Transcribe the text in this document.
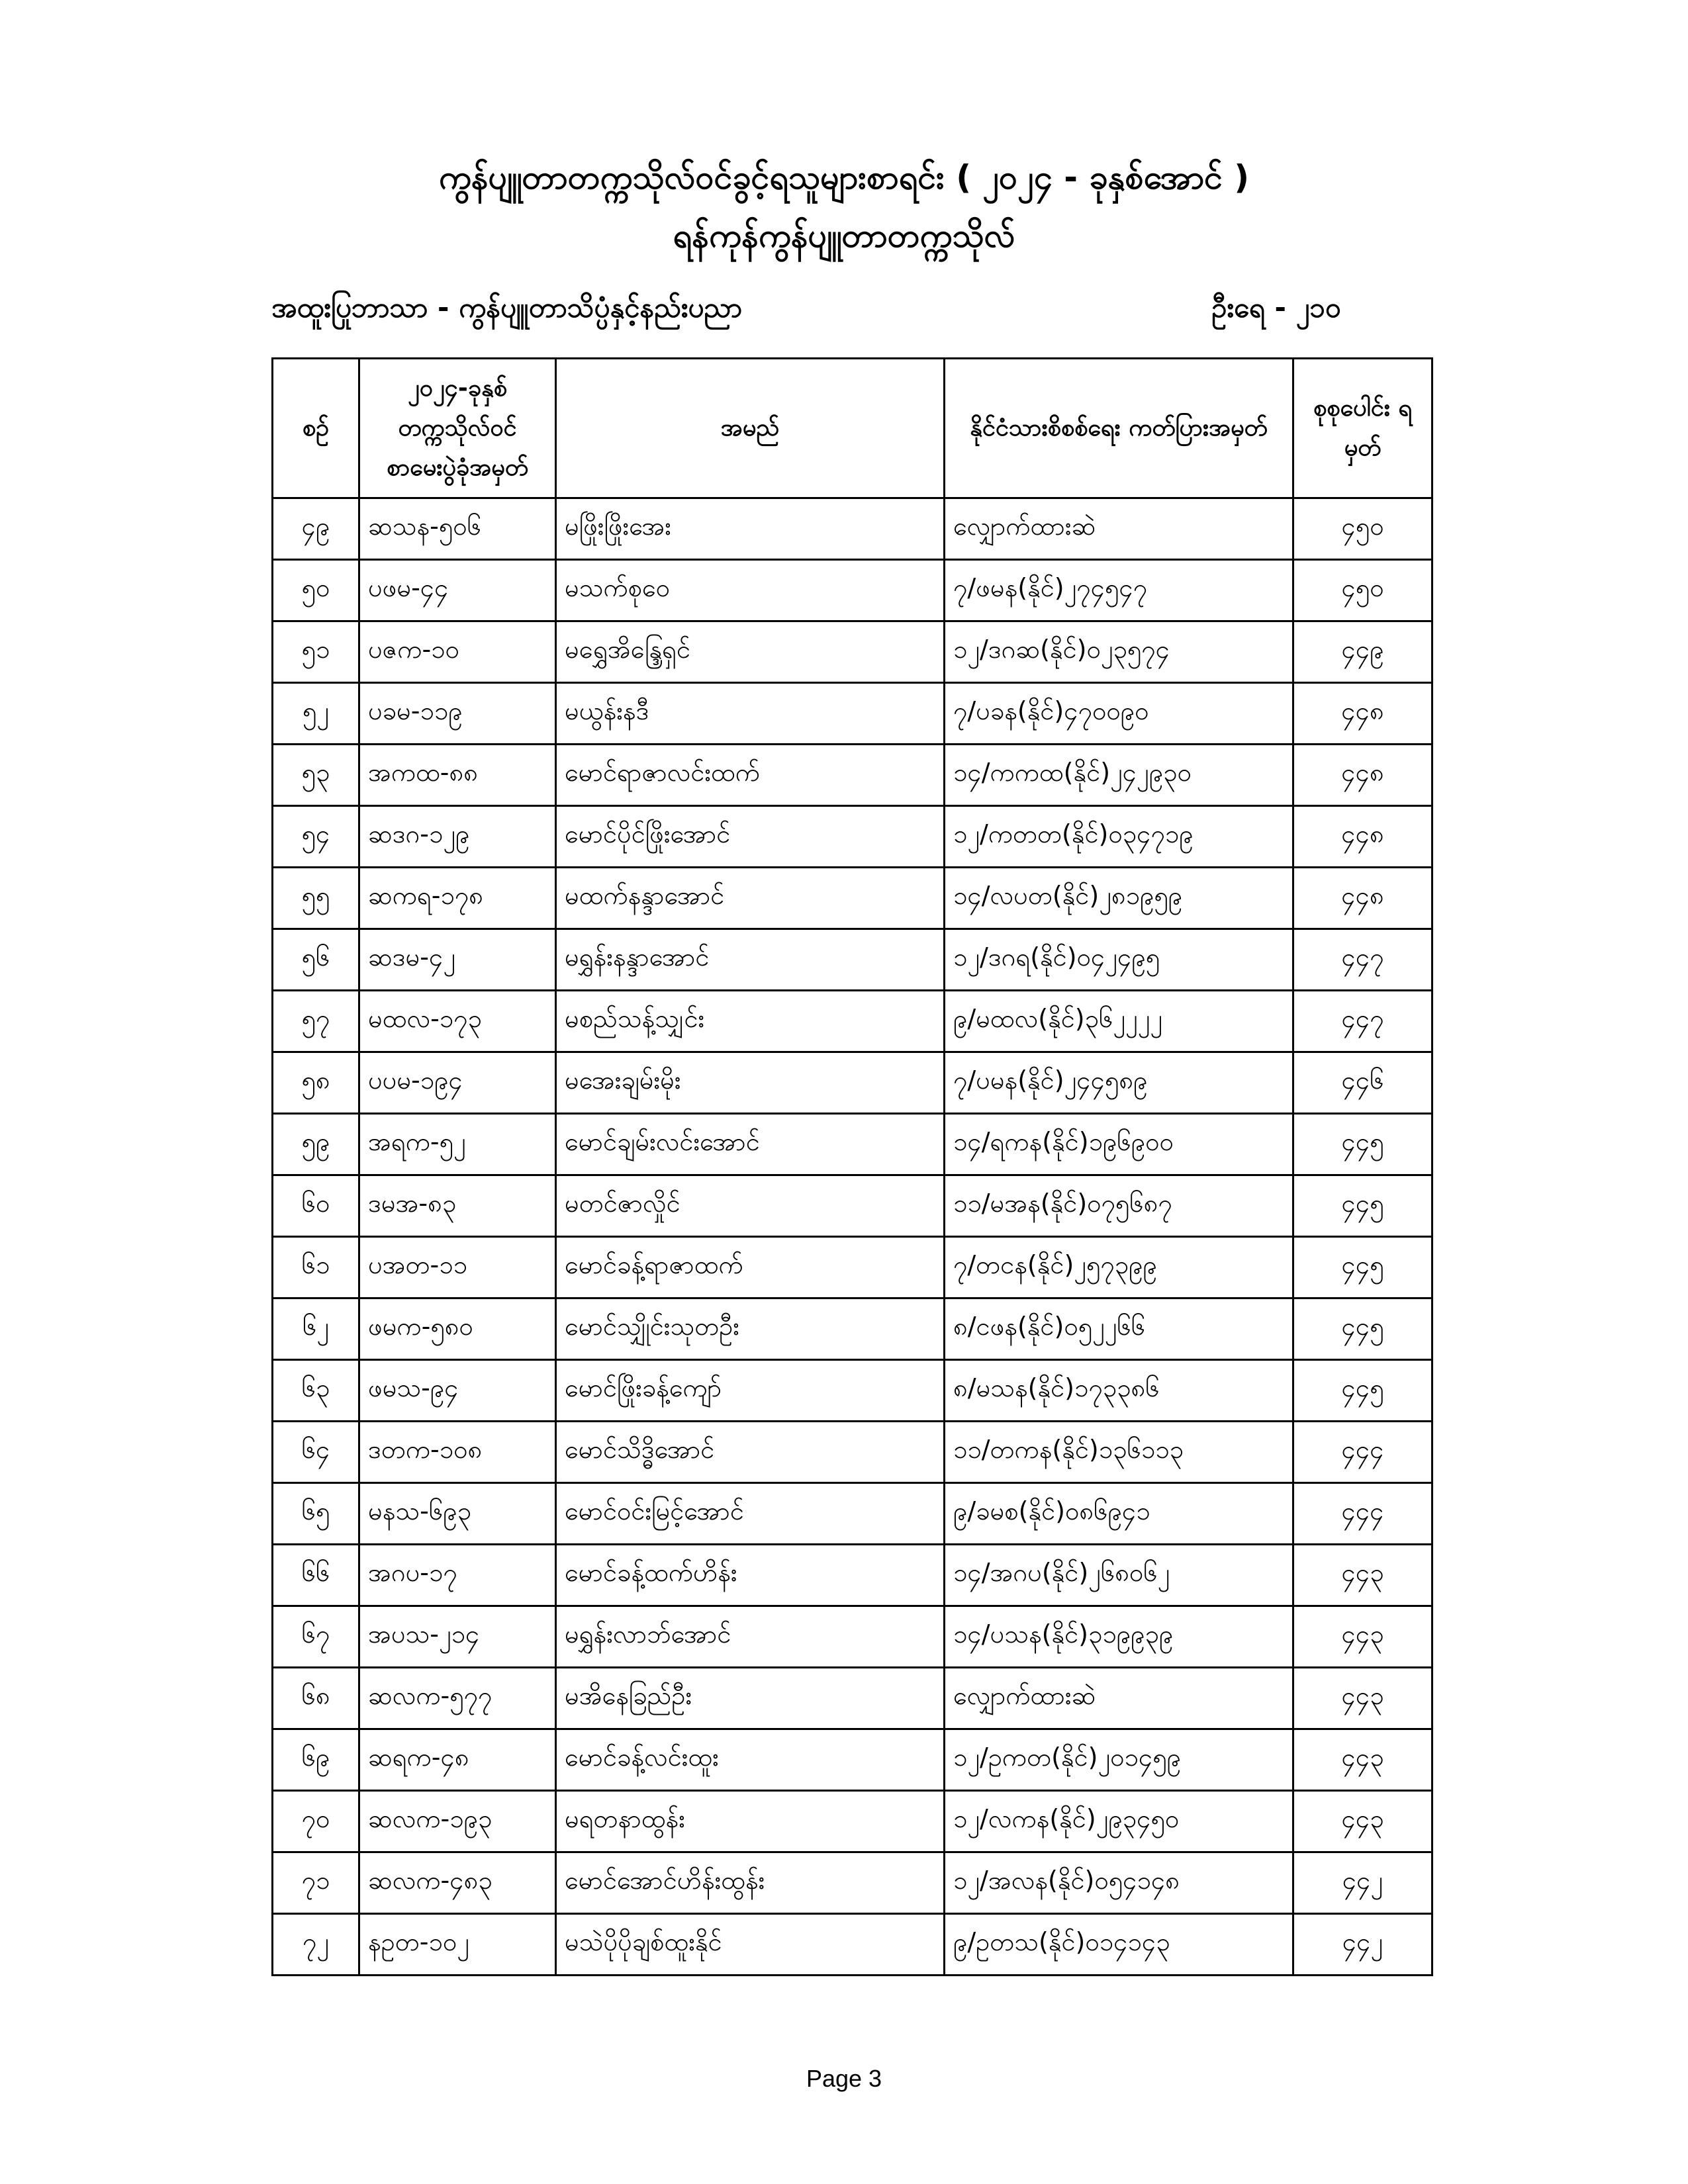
ကွန်ပျူတာတက္ကသိုလ်ဝင်ခွင့်ရသူများစာရင်း ( ၂၀၂၄ - ခုနှစ်အောင် )
ရန်ကုန်ကွန်ပျူတာတက္ကသိုလ်
အထူးပြုဘာသာ - ကွန်ပျူတာသိပ္ပံနှင့်နည်းပညာ	ဦးရေ - ၂၁၀
စဉ်	၂၀၂၄-ခုနှစ် တက္ကသိုလ်ဝင် စာမေးပွဲခုံအမှတ်	အမည်	နိုင်ငံသားစိစစ်ရေး ကတ်ပြားအမှတ်	စုစုပေါင်း ရမှတ်
၄၉	ဆသန-၅၀၆	မဖြိုးဖြိုးအေး	လျှောက်ထားဆဲ	၄၅၀
၅၀	ပဖမ-၄၄	မသက်စုဝေ	၇/ဖမန(နိုင်)၂၇၄၅၄၇	၄၅၀
၅၁	ပဇက-၁၀	မရွှေအိန္ဒြေရှင်	၁၂/ဒဂဆ(နိုင်)၀၂၃၅၇၄	၄၄၉
၅၂	ပခမ-၁၁၉	မယွန်းနဒီ	၇/ပခန(နိုင်)၄၇၀၀၉၀	၄၄၈
၅၃	အကထ-၈၈	မောင်ရာဇာလင်းထက်	၁၄/ကကထ(နိုင်)၂၄၂၉၃၀	၄၄၈
၅၄	ဆဒဂ-၁၂၉	မောင်ပိုင်ဖြိုးအောင်	၁၂/ကတတ(နိုင်)၀၃၄၇၁၉	၄၄၈
၅၅	ဆကရ-၁၇၈	မထက်နန္ဒာအောင်	၁၄/လပတ(နိုင်)၂၈၁၉၅၉	၄၄၈
၅၆	ဆဒမ-၄၂	မရွှန်းနန္ဒာအောင်	၁၂/ဒဂရ(နိုင်)၀၄၂၄၉၅	၄၄၇
၅၇	မထလ-၁၇၃	မစည်သန့်သျှင်း	၉/မထလ(နိုင်)၃၆၂၂၂၂	၄၄၇
၅၈	ပပမ-၁၉၄	မအေးချမ်းမိုး	၇/ပမန(နိုင်)၂၄၄၅၈၉	၄၄၆
၅၉	အရက-၅၂	မောင်ချမ်းလင်းအောင်	၁၄/ရကန(နိုင်)၁၉၆၉၀၀	၄၄၅
၆၀	ဒမအ-၈၃	မတင်ဇာလှိုင်	၁၁/မအန(နိုင်)၀၇၅၆၈၇	၄၄၅
၆၁	ပအတ-၁၁	မောင်ခန့်ရာဇာထက်	၇/တငန(နိုင်)၂၅၇၃၉၉	၄၄၅
၆၂	ဖမက-၅၈၀	မောင်သျှိုင်းသုတဦး	၈/ငဖန(နိုင်)၀၅၂၂၆၆	၄၄၅
၆၃	ဖမသ-၉၄	မောင်ဖြိုးခန့်ကျော်	၈/မသန(နိုင်)၁၇၃၃၈၆	၄၄၅
၆၄	ဒတက-၁၀၈	မောင်သိဒ္ဓိအောင်	၁၁/တကန(နိုင်)၁၃၆၁၁၃	၄၄၄
၆၅	မနသ-၆၉၃	မောင်ဝင်းမြင့်အောင်	၉/ခမစ(နိုင်)၀၈၆၉၄၁	၄၄၄
၆၆	အဂပ-၁၇	မောင်ခန့်ထက်ဟိန်း	၁၄/အဂပ(နိုင်)၂၆၈၀၆၂	၄၄၃
၆၇	အပသ-၂၁၄	မရွှန်းလာဘ်အောင်	၁၄/ပသန(နိုင်)၃၁၉၉၃၉	၄၄၃
၆၈	ဆလက-၅၇၇	မအိနေခြည်ဦး	လျှောက်ထားဆဲ	၄၄၃
၆၉	ဆရက-၄၈	မောင်ခန့်လင်းထူး	၁၂/ဥကတ(နိုင်)၂၀၁၄၅၉	၄၄၃
၇၀	ဆလက-၁၉၃	မရတနာထွန်း	၁၂/လကန(နိုင်)၂၉၃၄၅၀	၄၄၃
၇၁	ဆလက-၄၈၃	မောင်အောင်ဟိန်းထွန်း	၁၂/အလန(နိုင်)၀၅၄၁၄၈	၄၄၂
၇၂	နဥတ-၁၀၂	မသဲပိုပိုချစ်ထူးနိုင်	၉/ဥတသ(နိုင်)၀၁၄၁၄၃	၄၄၂
Page 3
